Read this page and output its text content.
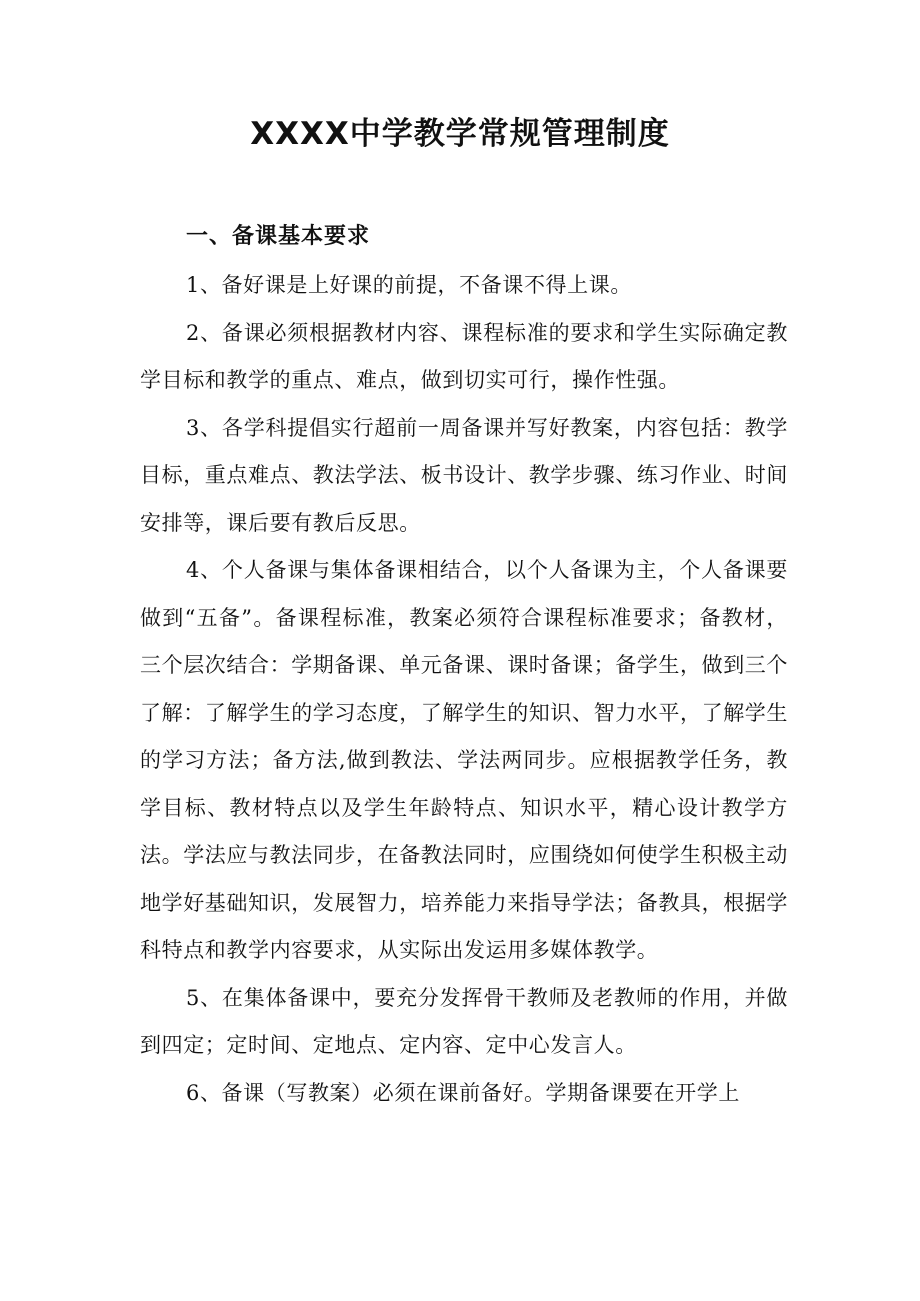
XXXX中学教学常规管理制度
一、备课基本要求

1、备好课是上好课的前提，不备课不得上课。

2、备课必须根据教材内容、课程标准的要求和学生实际确定教学目标和教学的重点、难点，做到切实可行，操作性强。

3、各学科提倡实行超前一周备课并写好教案，内容包括：教学目标，重点难点、教法学法、板书设计、教学步骤、练习作业、时间安排等，课后要有教后反思。

4、个人备课与集体备课相结合，以个人备课为主，个人备课要做到“五备”。备课程标准，教案必须符合课程标准要求；备教材，三个层次结合：学期备课、单元备课、课时备课；备学生，做到三个了解：了解学生的学习态度，了解学生的知识、智力水平，了解学生的学习方法；备方法,做到教法、学法两同步。应根据教学任务，教学目标、教材特点以及学生年龄特点、知识水平，精心设计教学方法。学法应与教法同步，在备教法同时，应围绕如何使学生积极主动地学好基础知识，发展智力，培养能力来指导学法；备教具，根据学科特点和教学内容要求，从实际出发运用多媒体教学。

5、在集体备课中，要充分发挥骨干教师及老教师的作用，并做到四定；定时间、定地点、定内容、定中心发言人。

6、备课（写教案）必须在课前备好。学期备课要在开学上
